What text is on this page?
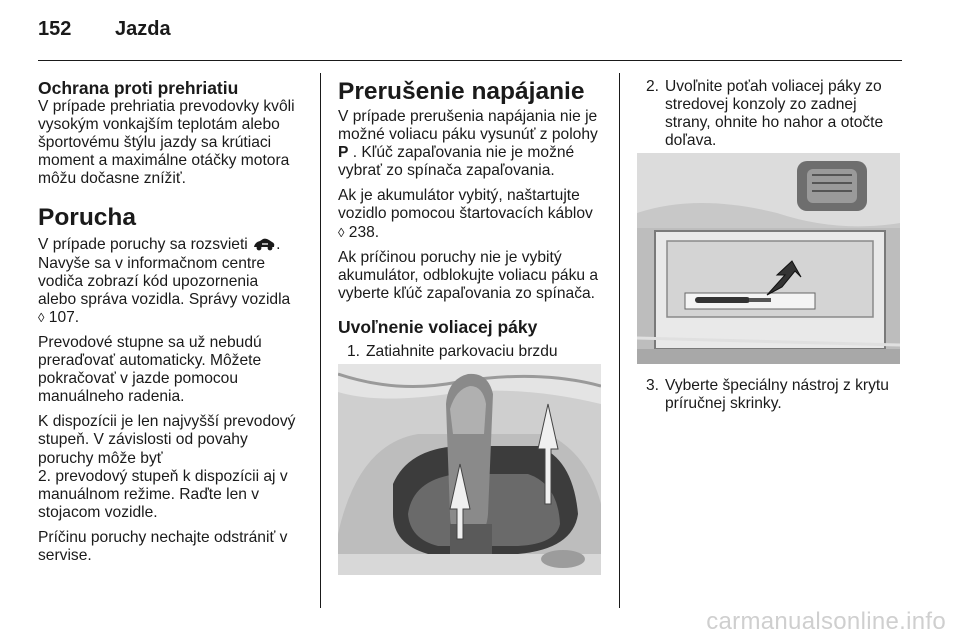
152 Jazda
Ochrana proti prehriatiu

V prípade prehriatia prevodovky kvôli

vysokým vonkajším teplotám alebo

športovému štýlu jazdy sa krútiaci

moment a maximálne otáčky motora

môžu dočasne znížiť.

Porucha

V prípade poruchy sa rozsvieti .

Navyše sa v informačnom centre

vodiča zobrazí kód upozornenia

alebo správa vozidla. Správy vozidla

◊ 107.

Prevodové stupne sa už nebudú

preraďovať automaticky. Môžete

pokračovať v jazde pomocou

manuálneho radenia.

K dispozícii je len najvyšší prevodový

stupeň. V závislosti od povahy

poruchy môže byť

2. prevodový stupeň k dispozícii aj v

manuálnom režime. Raďte len v

stojacom vozidle.

Príčinu poruchy nechajte odstrániť v

servise.

Prerušenie napájanie

V prípade prerušenia napájania nie je

možné voliacu páku vysunúť z polohy

P . Kľúč zapaľovania nie je možné

vybrať zo spínača zapaľovania.

Ak je akumulátor vybitý, naštartujte

vozidlo pomocou štartovacích káblov

◊ 238.

Ak príčinou poruchy nie je vybitý

akumulátor, odblokujte voliacu páku a

vyberte kľúč zapaľovania zo spínača.

Uvoľnenie voliacej páky
1. Zatiahnite parkovaciu brzdu
2. Uvoľnite poťah voliacej páky zo

stredovej konzoly zo zadnej

strany, ohnite ho nahor a otočte

doľava.

3. Vyberte špeciálny nástroj z krytu

príručnej skrinky.

carmanualsonline.info
